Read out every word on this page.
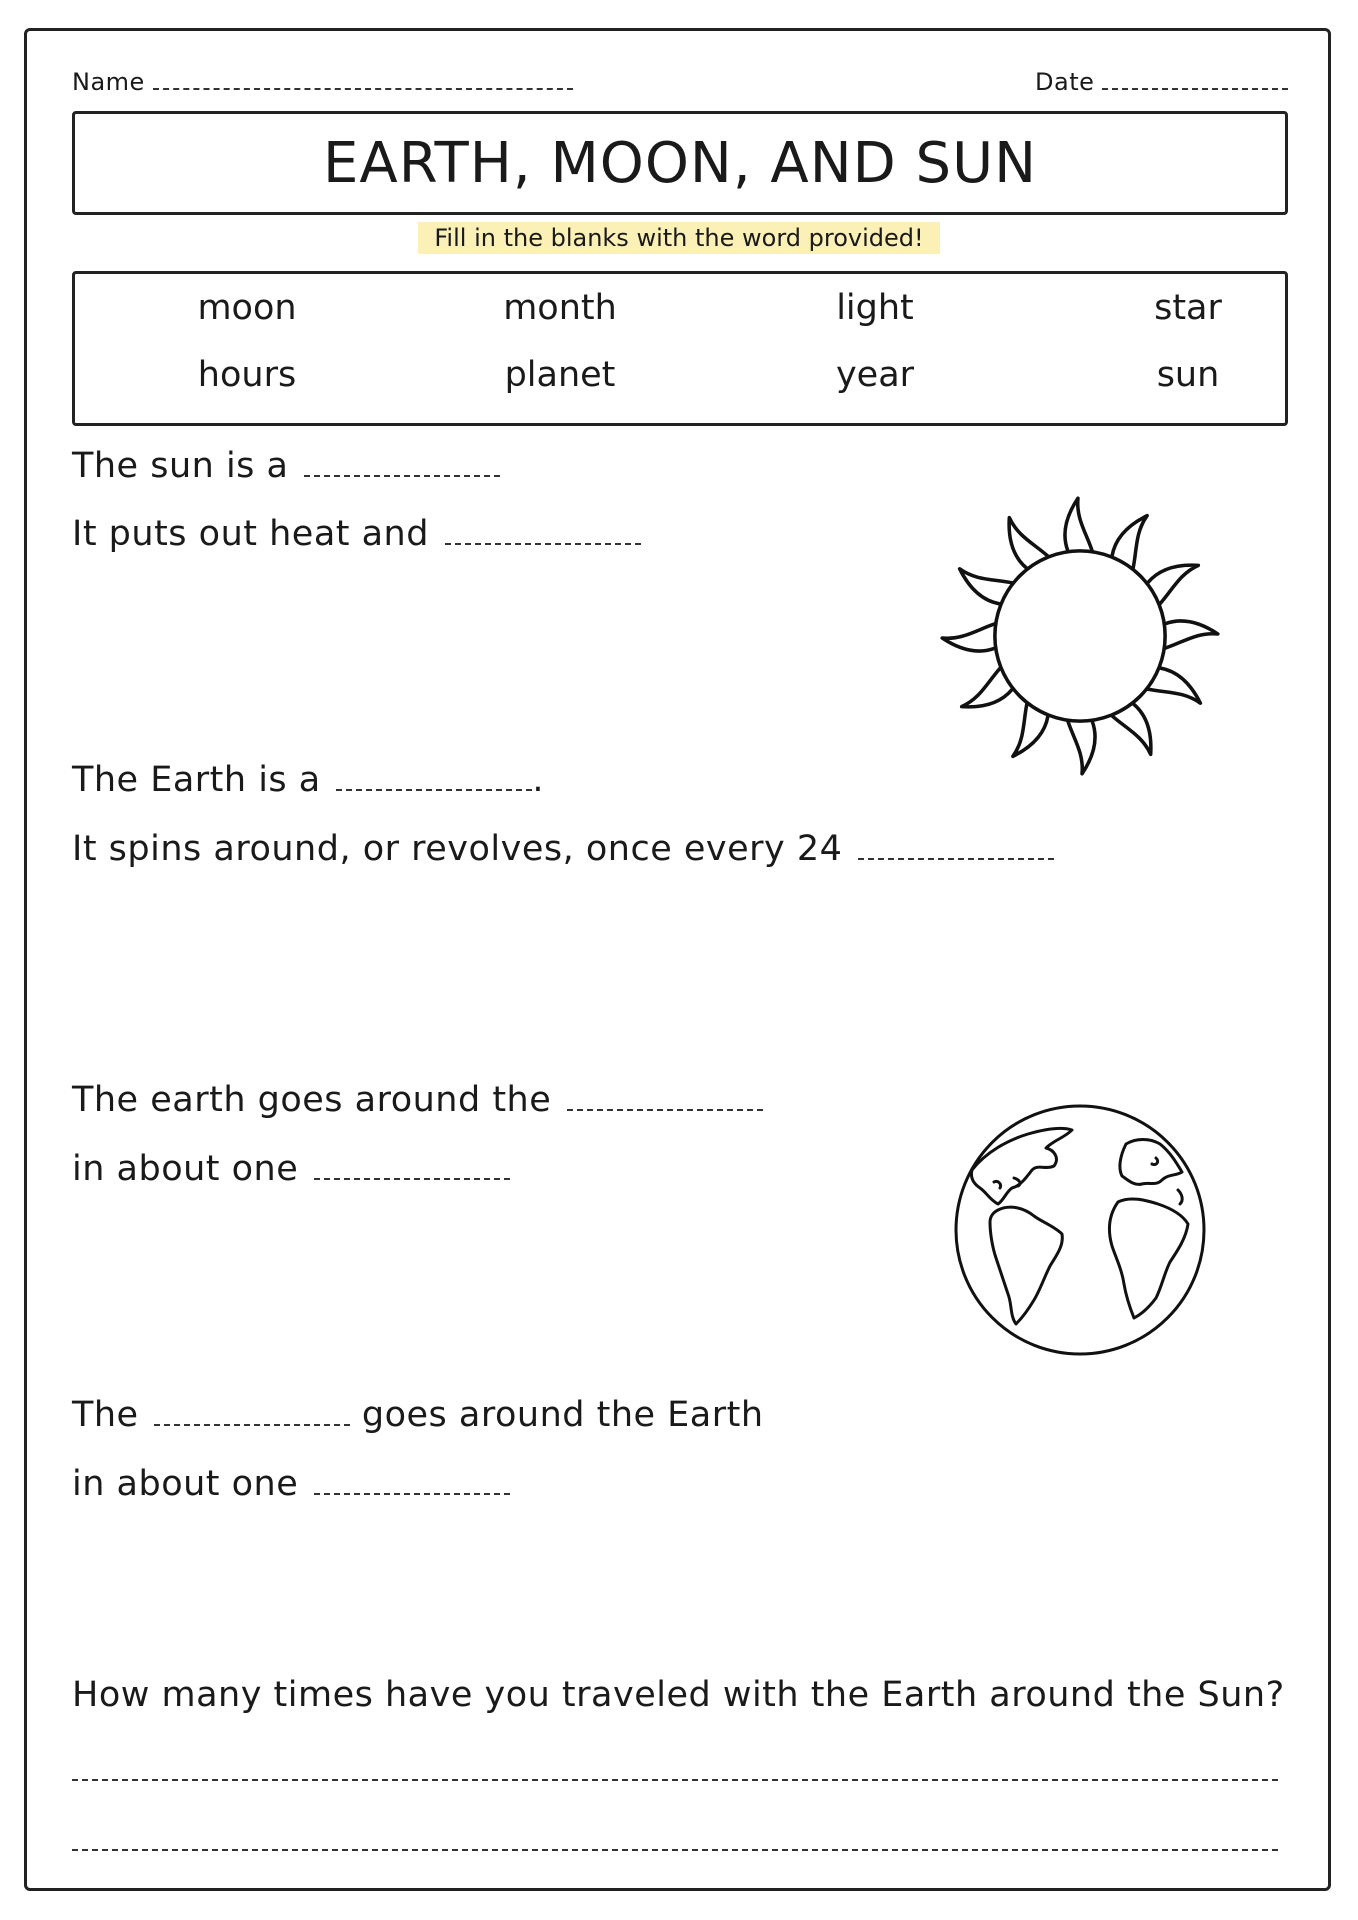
Name	Date
EARTH, MOON, AND SUN
Fill in the blanks with the word provided!
moon	month	light	star
hours	planet	year	sun
The sun is a
It puts out heat and
The Earth is a	.
It spins around, or revolves, once every 24
The earth goes around the
in about one
The	goes around the Earth
in about one
How many times have you traveled with the Earth around the Sun?
